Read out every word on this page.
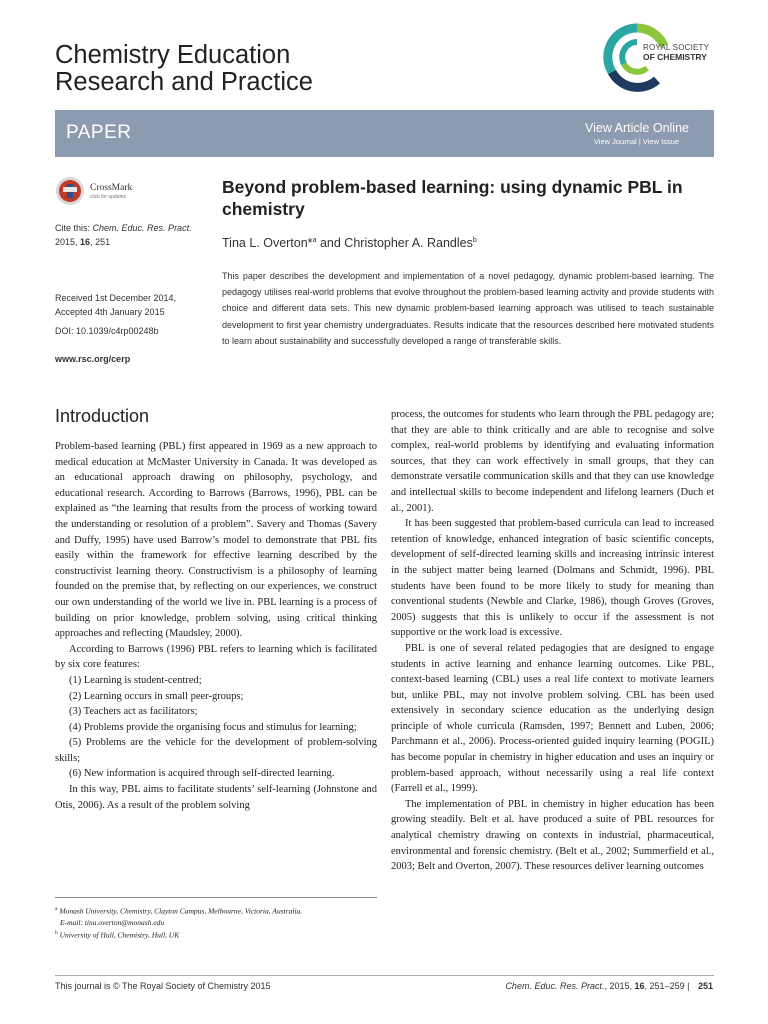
Chemistry Education
Research and Practice
ROYAL SOCIETY
OF CHEMISTRY
PAPER	View Article Online
View Journal | View Issue
CrossMark
click for updates
Cite this: Chem. Educ. Res. Pract.
2015, 16, 251
Received 1st December 2014,
Accepted 4th January 2015
DOI: 10.1039/c4rp00248b
www.rsc.org/cerp
Beyond problem-based learning: using dynamic PBL in chemistry
Tina L. Overton*$^a$ and Christopher A. Randles$^b$
This paper describes the development and implementation of a novel pedagogy, dynamic problem-based learning. The pedagogy utilises real-world problems that evolve throughout the problem-based learning activity and provide students with choice and different data sets. This new dynamic problem-based learning approach was utilised to teach sustainable development to first year chemistry undergraduates. Results indicate that the resources described here motivated students to learn about sustainability and successfully developed a range of transferable skills.
Introduction

Problem-based learning (PBL) first appeared in 1969 as a new approach to medical education at McMaster University in Canada. It was developed as an educational approach drawing on philosophy, psychology, and educational research. According to Barrows (Barrows, 1996), PBL can be explained as “the learning that results from the process of working toward the understanding or resolution of a problem”. Savery and Thomas (Savery and Duffy, 1995) have used Barrow’s model to demonstrate that PBL fits easily within the framework for effective learning described by the constructivist learning theory. Constructivism is a philosophy of learning founded on the premise that, by reflecting on our experiences, we construct our own understanding of the world we live in. PBL learning is a process of building on prior knowledge, problem solving, using critical thinking approaches and reflecting (Maudsley, 2000).

According to Barrows (1996) PBL refers to learning which is facilitated by six core features:

(1) Learning is student-centred;

(2) Learning occurs in small peer-groups;

(3) Teachers act as facilitators;

(4) Problems provide the organising focus and stimulus for learning;

(5) Problems are the vehicle for the development of problem-solving skills;

(6) New information is acquired through self-directed learning.

In this way, PBL aims to facilitate students’ self-learning (Johnstone and Otis, 2006). As a result of the problem solving

process, the outcomes for students who learn through the PBL pedagogy are; that they are able to think critically and are able to recognise and solve complex, real-world problems by identifying and evaluating information sources, that they can work effectively in small groups, that they can demonstrate versatile communication skills and that they can use knowledge and intellectual skills to become independent and lifelong learners (Duch et al., 2001).

It has been suggested that problem-based curricula can lead to increased retention of knowledge, enhanced integration of basic scientific concepts, development of self-directed learning skills and increasing intrinsic interest in the subject matter being learned (Dolmans and Schmidt, 1996). PBL students have been found to be more likely to study for meaning than conventional students (Newble and Clarke, 1986), though Groves (Groves, 2005) suggests that this is unlikely to occur if the assessment is not supportive or the work load is excessive.

PBL is one of several related pedagogies that are designed to engage students in active learning and enhance learning outcomes. Like PBL, context-based learning (CBL) uses a real life context to motivate learners but, unlike PBL, may not involve problem solving. CBL has been used extensively in secondary science education as the underlying design principle of whole curricula (Ramsden, 1997; Bennett and Luben, 2006; Parchmann et al., 2006). Process-oriented guided inquiry learning (POGIL) has become popular in chemistry in higher education and uses an inquiry or problem-based approach, without necessarily using a real life context (Farrell et al., 1999).

The implementation of PBL in chemistry in higher education has been growing steadily. Belt et al. have produced a suite of PBL resources for analytical chemistry drawing on contexts in industrial, pharmaceutical, environmental and forensic chemistry. (Belt et al., 2002; Summerfield et al., 2003; Belt and Overton, 2007). These resources deliver learning outcomes

$^a$ Monash University, Chemistry, Clayton Campus, Melbourne, Victoria, Australia.
E-mail: tina.overton@monash.edu
$^b$ University of Hull, Chemistry, Hull, UK
This journal is © The Royal Society of Chemistry 2015	Chem. Educ. Res. Pract., 2015, 16, 251–259 | 251
